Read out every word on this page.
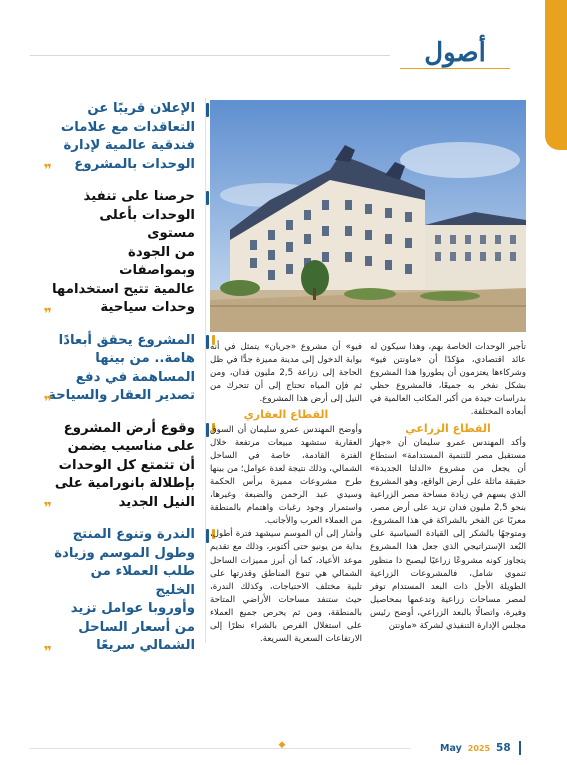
أصول
الإعلان قريبًا عن
التعاقدات مع علامات
فندقية عالمية لإدارة
الوحدات بالمشروع
❞
حرصنا على تنفيذ
الوحدات بأعلى مستوى
من الجودة وبمواصفات
عالمية تتيح استخدامها
وحدات سياحية
❞
المشروع يحقق أبعادًا
هامة.. من بينها
المساهمة في دفع
تصدير العقار والسياحة
❞
وقوع أرض المشروع
على مناسيب يضمن
أن تتمتع كل الوحدات
بإطلالة بانورامية على
النيل الجديد
❞
الندرة وتنوع المنتج
وطول الموسم وزيادة
طلب العملاء من الخليج
وأوروبا عوامل تزيد
من أسعار الساحل
الشمالي سريعًا
❞

تأجير الوحدات الخاصة بهم، وهذا سيكون له عائد اقتصادي، مؤكدًا أن «ماونتن فيو» وشركاءها يعتزمون أن يطوروا هذا المشروع بشكل نفخر به جميعًا، فالمشروع حظي بدراسات جيدة من أكبر المكاتب العالمية في أبعاده المختلفة.

القطاع الزراعي

وأكد المهندس عمرو سليمان أن «جهاز مستقبل مصر للتنمية المستدامة» استطاع أن يجعل من مشروع «الدلتا الجديدة» حقيقة ماثلة على أرض الواقع، وهو المشروع الذي يسهم في زيادة مساحة مصر الزراعية بنحو 2,5 مليون فدان تزيد على أرض مصر، معربًا عن الفخر بالشراكة في هذا المشروع، ومتوجهًا بالشكر إلى القيادة السياسية على البُعد الإستراتيجي الذي جعل هذا المشروع يتجاوز كونه مشروعًا زراعيًا ليصبح ذا منظور تنموي شامل، فالمشروعات الزراعية الطويلة الأجل ذات البعد المستدام توفر لمصر مساحات زراعية وتدعمها بمحاصيل وفيرة، واتصالًا بالبعد الزراعي، أوضح رئيس مجلس الإدارة التنفيذي لشركة «ماونتن

فيو» أن مشروع «جريان» يتمثل في أنه بوابة الدخول إلى مدينة مميزة جدًّا في ظل الحاجة إلى زراعة 2,5 مليون فدان، ومن ثم فإن المياه تحتاج إلى أن تتحرك من النيل إلى أرض هذا المشروع.

القطاع العقاري

وأوضح المهندس عمرو سليمان أن السوق العقارية ستشهد مبيعات مرتفعة خلال الفترة القادمة، خاصة في الساحل الشمالي، وذلك نتيجة لعدة عوامل؛ من بينها طرح مشروعات مميزة برأس الحكمة وسيدي عبد الرحمن والضبعة وغيرها، واستمرار وجود رغبات واهتمام بالمنطقة من العملاء العرب والأجانب.

وأشار إلى أن الموسم سيشهد فترة أطول، بداية من يونيو حتى أكتوبر، وذلك مع تقديم موعد الأعياد، كما أن أبرز مميزات الساحل الشمالي هي تنوع المناطق وقدرتها على تلبية مختلف الاحتياجات، وكذلك الندرة، حيث ستنفد مساحات الأراضي المتاحة بالمنطقة، ومن ثم يحرص جميع العملاء على استغلال الفرص بالشراء نظرًا إلى الارتفاعات السعرية السريعة.

◆	May 2025 58
